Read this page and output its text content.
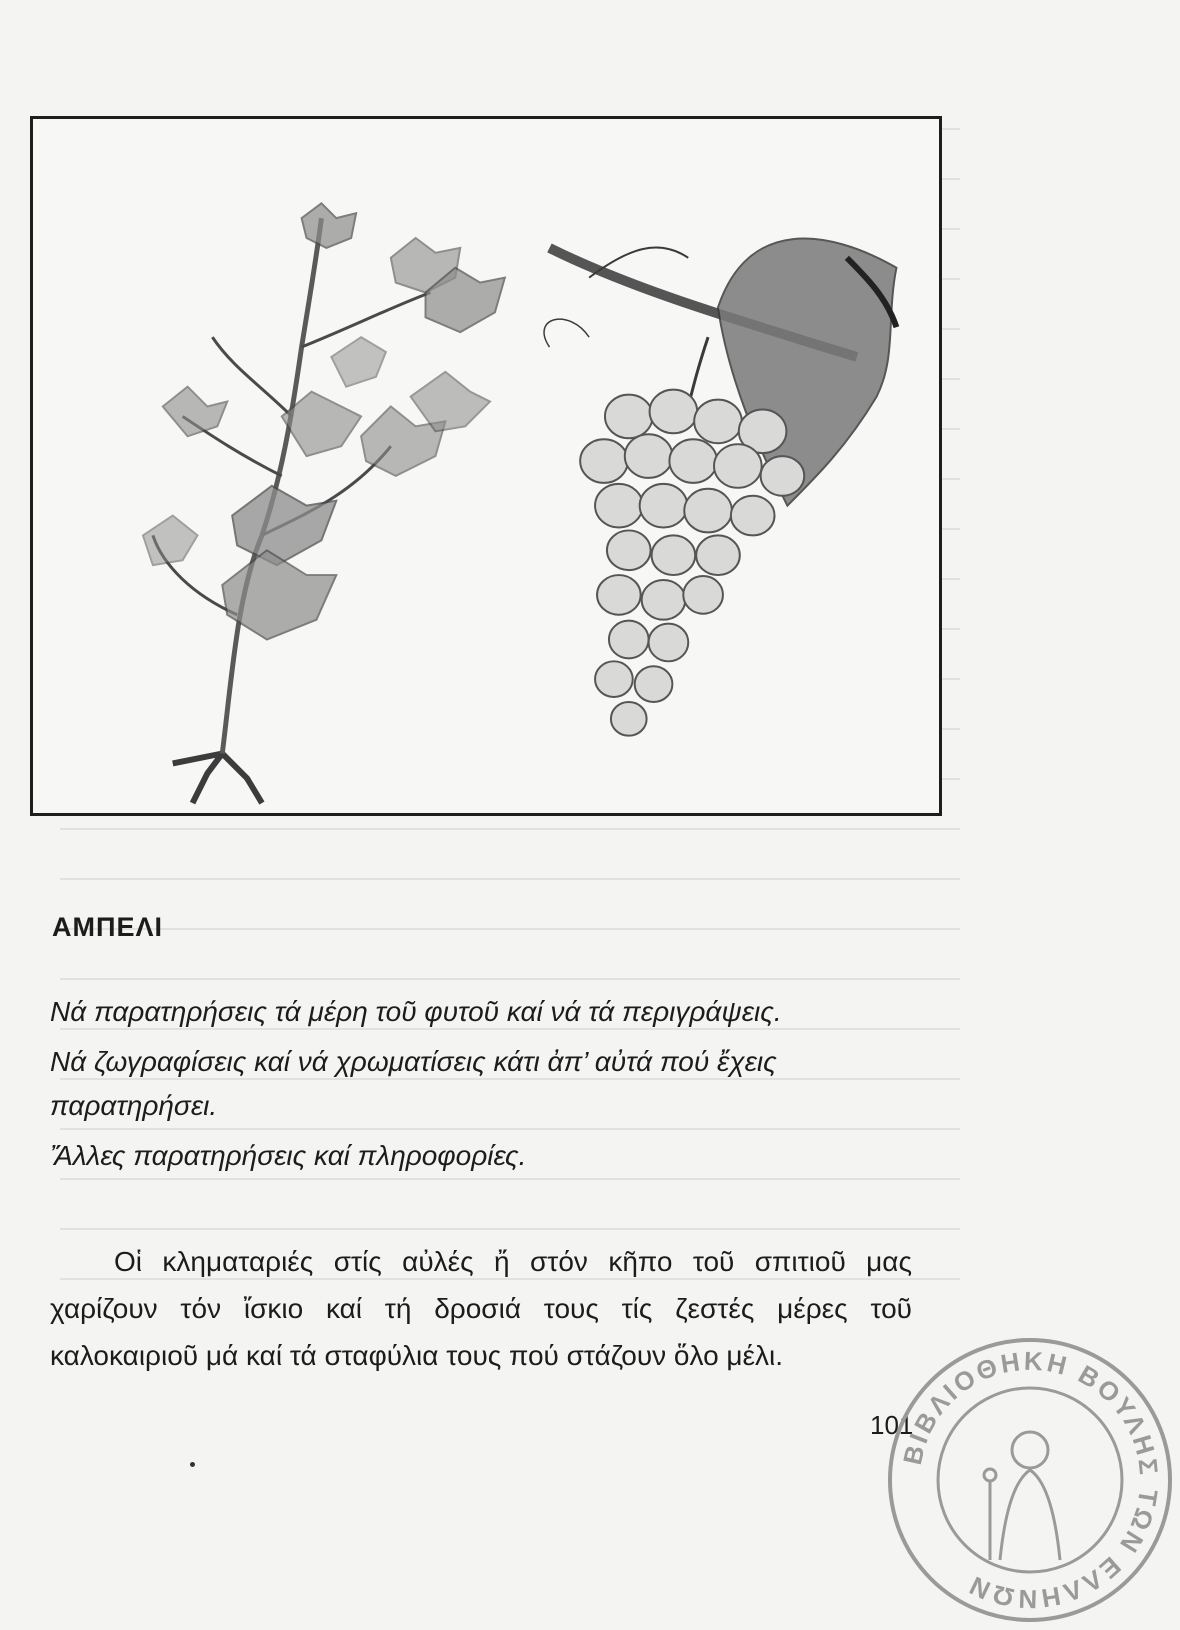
ΑΜΠΕΛΙ

Νά παρατηρήσεις τά μέρη τοῦ φυτοῦ καί νά τά περιγράψεις.

Νά ζωγραφίσεις καί νά χρωματίσεις κάτι ἀπ’ αὐτά πού ἔχεις παρατηρήσει.

Ἄλλες παρατηρήσεις καί πληροφορίες.

Οἱ κληματαριές στίς αὐλές ἤ στόν κῆπο τοῦ σπιτιοῦ μας χαρίζουν τόν ἴσκιο καί τή δροσιά τους τίς ζεστές μέρες τοῦ καλοκαιριοῦ μά καί τά σταφύλια τους πού στάζουν ὅλο μέλι.

101
ΒΙΒΛΙΟΘΗΚΗ ΒΟΥΛΗΣ ΤΩΝ ΕΛΛΗΝΩΝ
